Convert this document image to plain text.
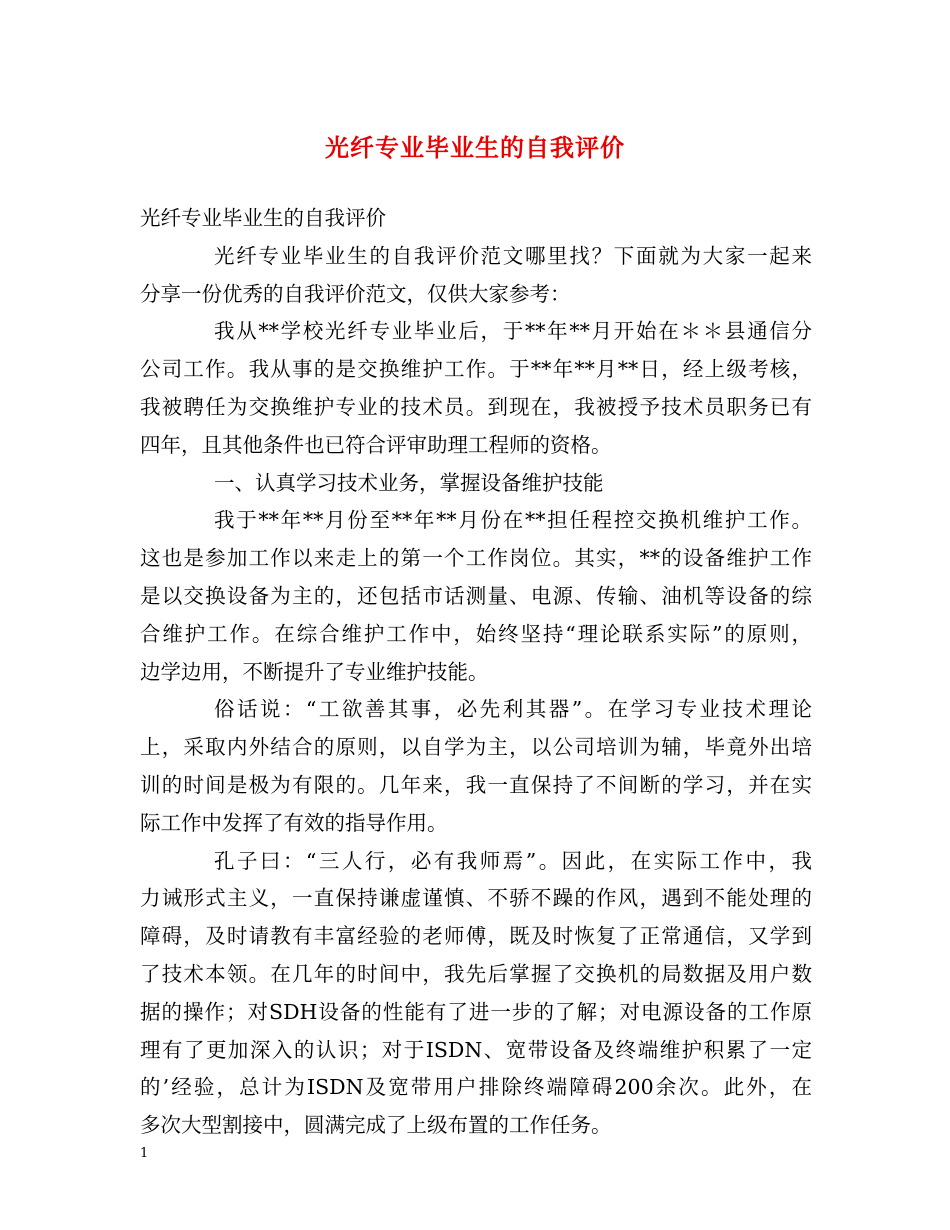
光纤专业毕业生的自我评价
光纤专业毕业生的自我评价
光纤专业毕业生的自我评价范文哪里找？下面就为大家一起来
分享一份优秀的自我评价范文，仅供大家参考：
我从**学校光纤专业毕业后，于**年**月开始在＊＊县通信分
公司工作。我从事的是交换维护工作。于**年**月**日，经上级考核，
我被聘任为交换维护专业的技术员。到现在，我被授予技术员职务已有
四年，且其他条件也已符合评审助理工程师的资格。
一、认真学习技术业务，掌握设备维护技能
我于**年**月份至**年**月份在**担任程控交换机维护工作。
这也是参加工作以来走上的第一个工作岗位。其实，**的设备维护工作
是以交换设备为主的，还包括市话测量、电源、传输、油机等设备的综
合维护工作。在综合维护工作中，始终坚持“理论联系实际”的原则，
边学边用，不断提升了专业维护技能。
俗话说：“工欲善其事，必先利其器”。在学习专业技术理论
上，采取内外结合的原则，以自学为主，以公司培训为辅，毕竟外出培
训的时间是极为有限的。几年来，我一直保持了不间断的学习，并在实
际工作中发挥了有效的指导作用。
孔子曰：“三人行，必有我师焉”。因此，在实际工作中，我
力诫形式主义，一直保持谦虚谨慎、不骄不躁的作风，遇到不能处理的
障碍，及时请教有丰富经验的老师傅，既及时恢复了正常通信，又学到
了技术本领。在几年的时间中，我先后掌握了交换机的局数据及用户数
据的操作；对SDH设备的性能有了进一步的了解；对电源设备的工作原
理有了更加深入的认识；对于ISDN、宽带设备及终端维护积累了一定
的’经验，总计为ISDN及宽带用户排除终端障碍200余次。此外，在
多次大型割接中，圆满完成了上级布置的工作任务。
1
